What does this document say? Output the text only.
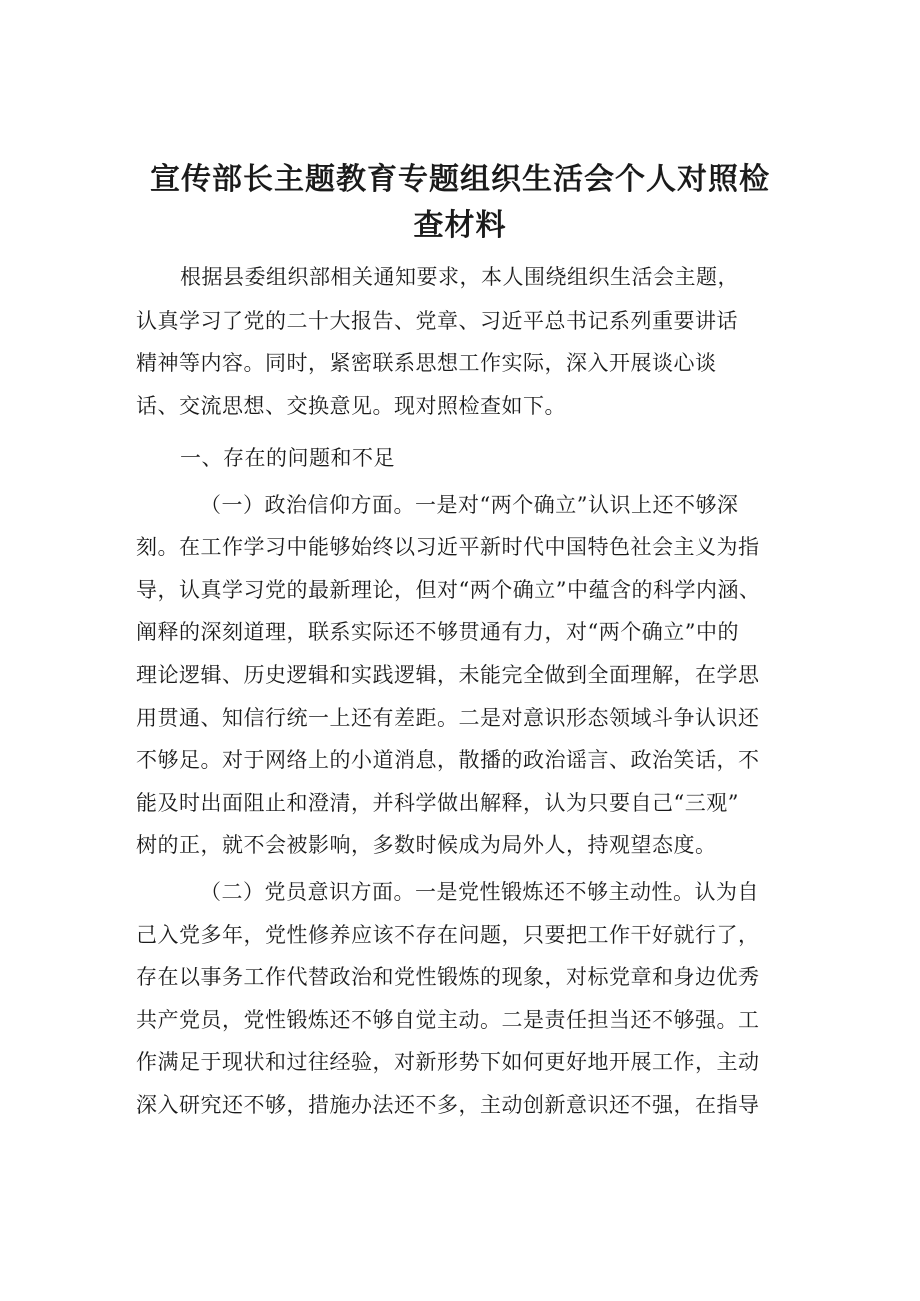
宣传部长主题教育专题组织生活会个人对照检
查材料
根据县委组织部相关通知要求，本人围绕组织生活会主题，
认真学习了党的二十大报告、党章、习近平总书记系列重要讲话
精神等内容。同时，紧密联系思想工作实际，深入开展谈心谈
话、交流思想、交换意见。现对照检查如下。
一、存在的问题和不足
（一）政治信仰方面。一是对“两个确立”认识上还不够深
刻。在工作学习中能够始终以习近平新时代中国特色社会主义为指
导，认真学习党的最新理论，但对“两个确立”中蕴含的科学内涵、
阐释的深刻道理，联系实际还不够贯通有力，对“两个确立”中的
理论逻辑、历史逻辑和实践逻辑，未能完全做到全面理解，在学思
用贯通、知信行统一上还有差距。二是对意识形态领域斗争认识还
不够足。对于网络上的小道消息，散播的政治谣言、政治笑话，不
能及时出面阻止和澄清，并科学做出解释，认为只要自己“三观”
树的正，就不会被影响，多数时候成为局外人，持观望态度。
（二）党员意识方面。一是党性锻炼还不够主动性。认为自
己入党多年，党性修养应该不存在问题，只要把工作干好就行了，
存在以事务工作代替政治和党性锻炼的现象，对标党章和身边优秀
共产党员，党性锻炼还不够自觉主动。二是责任担当还不够强。工
作满足于现状和过往经验，对新形势下如何更好地开展工作，主动
深入研究还不够，措施办法还不多，主动创新意识还不强，在指导
